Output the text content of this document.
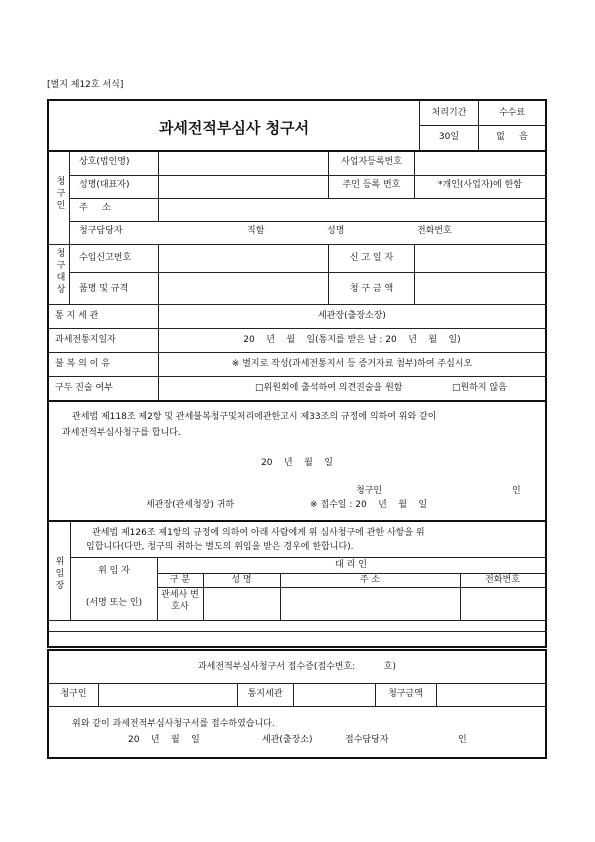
[별지 제12호 서식]
과세전적부심사 청구서
처리기간	수수료
30일	없     음
청구인
상호(법인명)	사업자등록번호
성명(대표자)	주민 등록 번호	*개인(사업자)에 한함
주     소
청구담당자	직함	성명	전화번호
청구대상
수입신고번호	신 고 일 자
품명 및 규격	청 구 금 액
통 지 세 관	세관장(출장소장)
과세전통지일자	20    년    월    일(통지를 받은 날 : 20    년    월    일)
불 복 의 이 유	※ 별지로 작성(과세전통지서 등 증거자료 첨부)하여 주십시오
구두 진술 여부	□위원회에 출석하여 의견진술을 원함	□원하지 않음
관세법 제118조 제2항 및 관세불복청구및처리에관한고시 제33조의 규정에 의하여 위와 같이
과세전적부심사청구를 합니다.
20    년    월    일
청구인	인
세관장(관세청장) 귀하	※ 접수일 : 20    년    월    일
위임장
관세법 제126조 제1항의 규정에 의하여 아래 사람에게 위 심사청구에 관한 사항을 위
임합니다(다만, 청구의 취하는 별도의 위임을 받은 경우에 한합니다).
위 임 자
대 리 인
구 분	성 명	주 소	전화번호
(서명 또는 인)
관세사 변호사
과세전적부심사청구서 접수증(접수번호:          호)
청구인	통지세관	청구금액
위와 같이 과세전적부심사청구서를 접수하였습니다.
20    년    월    일	세관(출장소)	접수담당자	인
